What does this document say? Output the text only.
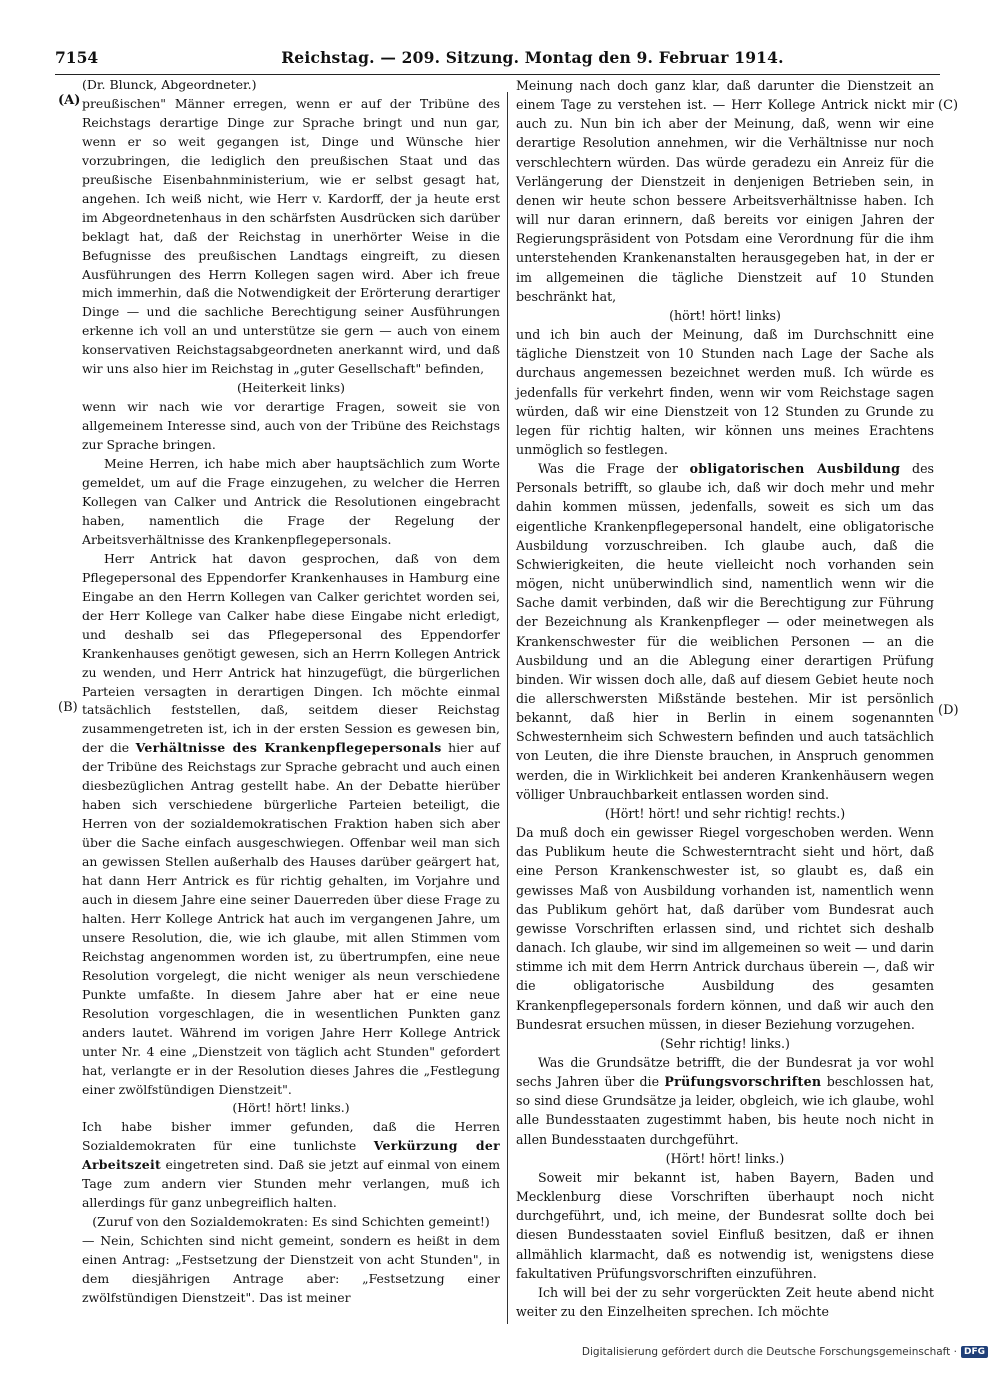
7154	Reichstag. — 209. Sitzung. Montag den 9. Februar 1914.
(A)
(B)
(C)
(D)

(Dr. Blunck, Abgeordneter.)

preußischen" Männer erregen, wenn er auf der Tribüne des Reichstags derartige Dinge zur Sprache bringt und nun gar, wenn er so weit gegangen ist, Dinge und Wünsche hier vorzubringen, die lediglich den preußischen Staat und das preußische Eisenbahnministerium, wie er selbst gesagt hat, angehen. Ich weiß nicht, wie Herr v. Kardorff, der ja heute erst im Abgeordnetenhaus in den schärfsten Ausdrücken sich darüber beklagt hat, daß der Reichstag in unerhörter Weise in die Befugnisse des preußischen Landtags eingreift, zu diesen Ausführungen des Herrn Kollegen sagen wird. Aber ich freue mich immerhin, daß die Notwendigkeit der Erörterung derartiger Dinge — und die sachliche Berechtigung seiner Ausführungen erkenne ich voll an und unterstütze sie gern — auch von einem konservativen Reichstagsabgeordneten anerkannt wird, und daß wir uns also hier im Reichstag in „guter Gesellschaft" befinden,

(Heiterkeit links)

wenn wir nach wie vor derartige Fragen, soweit sie von allgemeinem Interesse sind, auch von der Tribüne des Reichstags zur Sprache bringen.

Meine Herren, ich habe mich aber hauptsächlich zum Worte gemeldet, um auf die Frage einzugehen, zu welcher die Herren Kollegen van Calker und Antrick die Resolutionen eingebracht haben, namentlich die Frage der Regelung der Arbeitsverhältnisse des Krankenpflegepersonals.

Herr Antrick hat davon gesprochen, daß von dem Pflegepersonal des Eppendorfer Krankenhauses in Hamburg eine Eingabe an den Herrn Kollegen van Calker gerichtet worden sei, der Herr Kollege van Calker habe diese Eingabe nicht erledigt, und deshalb sei das Pflegepersonal des Eppendorfer Krankenhauses genötigt gewesen, sich an Herrn Kollegen Antrick zu wenden, und Herr Antrick hat hinzugefügt, die bürgerlichen Parteien versagten in derartigen Dingen. Ich möchte einmal tatsächlich feststellen, daß, seitdem dieser Reichstag zusammengetreten ist, ich in der ersten Session es gewesen bin, der die Verhältnisse des Krankenpflegepersonals hier auf der Tribüne des Reichstags zur Sprache gebracht und auch einen diesbezüglichen Antrag gestellt habe. An der Debatte hierüber haben sich verschiedene bürgerliche Parteien beteiligt, die Herren von der sozialdemokratischen Fraktion haben sich aber über die Sache einfach ausgeschwiegen. Offenbar weil man sich an gewissen Stellen außerhalb des Hauses darüber geärgert hat, hat dann Herr Antrick es für richtig gehalten, im Vorjahre und auch in diesem Jahre eine seiner Dauerreden über diese Frage zu halten. Herr Kollege Antrick hat auch im vergangenen Jahre, um unsere Resolution, die, wie ich glaube, mit allen Stimmen vom Reichstag angenommen worden ist, zu übertrumpfen, eine neue Resolution vorgelegt, die nicht weniger als neun verschiedene Punkte umfaßte. In diesem Jahre aber hat er eine neue Resolution vorgeschlagen, die in wesentlichen Punkten ganz anders lautet. Während im vorigen Jahre Herr Kollege Antrick unter Nr. 4 eine „Dienstzeit von täglich acht Stunden" gefordert hat, verlangte er in der Resolution dieses Jahres die „Festlegung einer zwölfstündigen Dienstzeit".

(Hört! hört! links.)

Ich habe bisher immer gefunden, daß die Herren Sozialdemokraten für eine tunlichste Verkürzung der Arbeitszeit eingetreten sind. Daß sie jetzt auf einmal von einem Tage zum andern vier Stunden mehr verlangen, muß ich allerdings für ganz unbegreiflich halten.

(Zuruf von den Sozialdemokraten: Es sind Schichten gemeint!)

— Nein, Schichten sind nicht gemeint, sondern es heißt in dem einen Antrag: „Festsetzung der Dienstzeit von acht Stunden", in dem diesjährigen Antrage aber: „Festsetzung einer zwölfstündigen Dienstzeit". Das ist meiner

Meinung nach doch ganz klar, daß darunter die Dienstzeit an einem Tage zu verstehen ist. — Herr Kollege Antrick nickt mir auch zu. Nun bin ich aber der Meinung, daß, wenn wir eine derartige Resolution annehmen, wir die Verhältnisse nur noch verschlechtern würden. Das würde geradezu ein Anreiz für die Verlängerung der Dienstzeit in denjenigen Betrieben sein, in denen wir heute schon bessere Arbeitsverhältnisse haben. Ich will nur daran erinnern, daß bereits vor einigen Jahren der Regierungspräsident von Potsdam eine Verordnung für die ihm unterstehenden Krankenanstalten herausgegeben hat, in der er im allgemeinen die tägliche Dienstzeit auf 10 Stunden beschränkt hat,

(hört! hört! links)

und ich bin auch der Meinung, daß im Durchschnitt eine tägliche Dienstzeit von 10 Stunden nach Lage der Sache als durchaus angemessen bezeichnet werden muß. Ich würde es jedenfalls für verkehrt finden, wenn wir vom Reichstage sagen würden, daß wir eine Dienstzeit von 12 Stunden zu Grunde zu legen für richtig halten, wir können uns meines Erachtens unmöglich so festlegen.

Was die Frage der obligatorischen Ausbildung des Personals betrifft, so glaube ich, daß wir doch mehr und mehr dahin kommen müssen, jedenfalls, soweit es sich um das eigentliche Krankenpflegepersonal handelt, eine obligatorische Ausbildung vorzuschreiben. Ich glaube auch, daß die Schwierigkeiten, die heute vielleicht noch vorhanden sein mögen, nicht unüberwindlich sind, namentlich wenn wir die Sache damit verbinden, daß wir die Berechtigung zur Führung der Bezeichnung als Krankenpfleger — oder meinetwegen als Krankenschwester für die weiblichen Personen — an die Ausbildung und an die Ablegung einer derartigen Prüfung binden. Wir wissen doch alle, daß auf diesem Gebiet heute noch die allerschwersten Mißstände bestehen. Mir ist persönlich bekannt, daß hier in Berlin in einem sogenannten Schwesternheim sich Schwestern befinden und auch tatsächlich von Leuten, die ihre Dienste brauchen, in Anspruch genommen werden, die in Wirklichkeit bei anderen Krankenhäusern wegen völliger Unbrauchbarkeit entlassen worden sind.

(Hört! hört! und sehr richtig! rechts.)

Da muß doch ein gewisser Riegel vorgeschoben werden. Wenn das Publikum heute die Schwesterntracht sieht und hört, daß eine Person Krankenschwester ist, so glaubt es, daß ein gewisses Maß von Ausbildung vorhanden ist, namentlich wenn das Publikum gehört hat, daß darüber vom Bundesrat auch gewisse Vorschriften erlassen sind, und richtet sich deshalb danach. Ich glaube, wir sind im allgemeinen so weit — und darin stimme ich mit dem Herrn Antrick durchaus überein —, daß wir die obligatorische Ausbildung des gesamten Krankenpflegepersonals fordern können, und daß wir auch den Bundesrat ersuchen müssen, in dieser Beziehung vorzugehen.

(Sehr richtig! links.)

Was die Grundsätze betrifft, die der Bundesrat ja vor wohl sechs Jahren über die Prüfungsvorschriften beschlossen hat, so sind diese Grundsätze ja leider, obgleich, wie ich glaube, wohl alle Bundesstaaten zugestimmt haben, bis heute noch nicht in allen Bundesstaaten durchgeführt.

(Hört! hört! links.)

Soweit mir bekannt ist, haben Bayern, Baden und Mecklenburg diese Vorschriften überhaupt noch nicht durchgeführt, und, ich meine, der Bundesrat sollte doch bei diesen Bundesstaaten soviel Einfluß besitzen, daß er ihnen allmählich klarmacht, daß es notwendig ist, wenigstens diese fakultativen Prüfungsvorschriften einzuführen.

Ich will bei der zu sehr vorgerückten Zeit heute abend nicht weiter zu den Einzelheiten sprechen. Ich möchte

Digitalisierung gefördert durch die Deutsche Forschungsgemeinschaft · DFG
